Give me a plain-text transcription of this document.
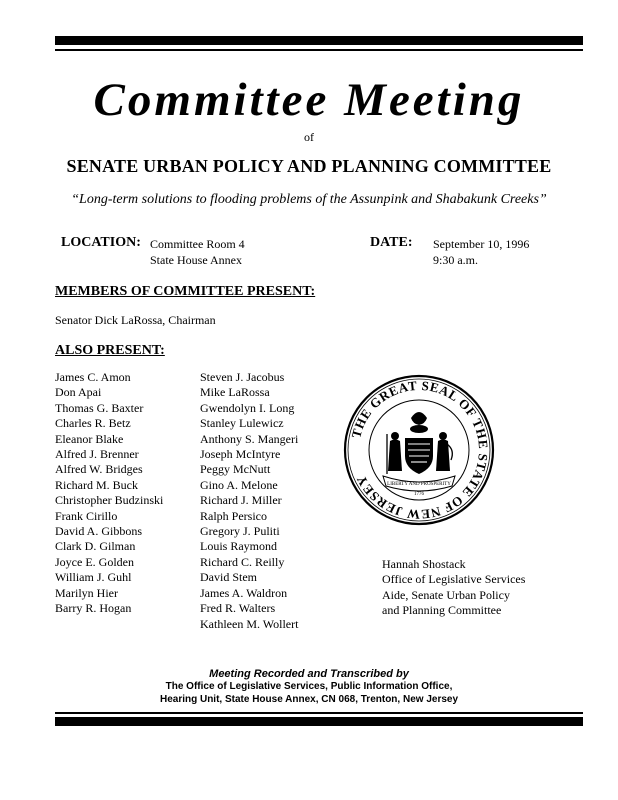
Committee Meeting
of
SENATE URBAN POLICY AND PLANNING COMMITTEE
“Long-term solutions to flooding problems of the Assunpink and Shabakunk Creeks”
LOCATION: Committee Room 4
State House Annex
DATE: September 10, 1996
9:30 a.m.
MEMBERS OF COMMITTEE PRESENT:
Senator Dick LaRossa, Chairman
ALSO PRESENT:
James C. Amon
Don Apai
Thomas G. Baxter
Charles R. Betz
Eleanor Blake
Alfred J. Brenner
Alfred W. Bridges
Richard M. Buck
Christopher Budzinski
Frank Cirillo
David A. Gibbons
Clark D. Gilman
Joyce E. Golden
William J. Guhl
Marilyn Hier
Barry R. Hogan
Steven J. Jacobus
Mike LaRossa
Gwendolyn I. Long
Stanley Lulewicz
Anthony S. Mangeri
Joseph McIntyre
Peggy McNutt
Gino A. Melone
Richard J. Miller
Ralph Persico
Gregory J. Puliti
Louis Raymond
Richard C. Reilly
David Stem
James A. Waldron
Fred R. Walters
Kathleen M. Wollert
THE GREAT SEAL OF THE STATE OF NEW JERSEY	LIBERTY AND PROSPERITY
1776
Hannah Shostack
Office of Legislative Services
Aide, Senate Urban Policy
and Planning Committee
Meeting Recorded and Transcribed by
The Office of Legislative Services, Public Information Office,
Hearing Unit, State House Annex, CN 068, Trenton, New Jersey
